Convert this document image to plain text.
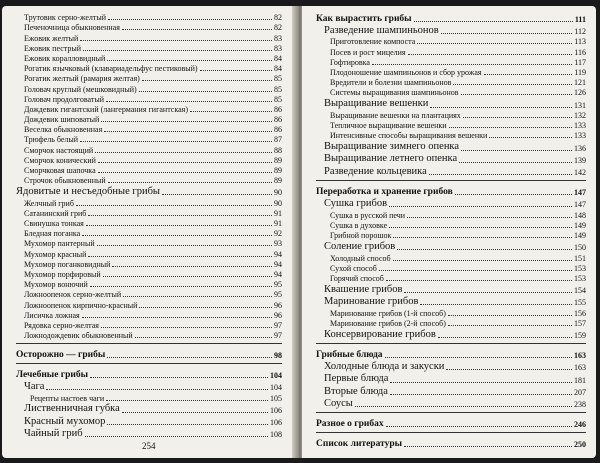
Трутовик серно-желтый	82
Печеночница обыкновенная	82
Ежовик желтый	83
Ежовик пестрый	83
Ежовик коралловидный	84
Рогатик язычковый (клавариадельфус пестиковый)	84
Рогатик желтый (рамария желтая)	85
Головач круглый (мешковидный)	85
Головач продолговатый	85
Дождевик гигантский (лангермания гигантская)	86
Дождевик шиповатый	86
Веселка обыкновенная	86
Трюфель белый	87
Сморчок настоящий	88
Сморчок конический	89
Сморчковая шапочка	89
Строчок обыкновенный	89
Ядовитые и несъедобные грибы	90
Желчный гриб	90
Сатанинский гриб	91
Свинушка тонкая	91
Бледная поганка	92
Мухомор пантерный	93
Мухомор красный	94
Мухомор поганковидный	94
Мухомор порфировый	94
Мухомор вонючий	95
Ложноопенок серно-желтый	95
Ложноопенок кирпично-красный	96
Лисичка ложная	96
Рядовка серно-желтая	97
Ложнодождевик обыкновенный	97
Осторожно — грибы	98
Лечебные грибы	104
Чага	104
Рецепты настоев чаги	105
Лиственничная губка	106
Красный мухомор	106
Чайный гриб	108
254
Как вырастить грибы	111
Разведение шампиньонов	112
Приготовление компоста	113
Посев и рост мицелия	116
Гофтировка	117
Плодоношение шампиньонов и сбор урожая	119
Вредители и болезни шампиньонов	121
Системы выращивания шампиньонов	126
Выращивание вешенки	131
Выращивание вешенки на плантациях	132
Тепличное выращивание вешенки	133
Интенсивные способы выращивания вешенки	133
Выращивание зимнего опенка	136
Выращивание летнего опенка	139
Разведение кольцевика	142
Переработка и хранение грибов	147
Сушка грибов	147
Сушка в русской печи	148
Сушка в духовке	149
Грибной порошок	149
Соление грибов	150
Холодный способ	151
Сухой способ	153
Горячий способ	153
Квашение грибов	154
Маринование грибов	155
Маринование грибов (1-й способ)	156
Маринование грибов (2-й способ)	157
Консервирование грибов	159
Грибные блюда	163
Холодные блюда и закуски	163
Первые блюда	181
Вторые блюда	207
Соусы	238
Разное о грибах	246
Список литературы	250
